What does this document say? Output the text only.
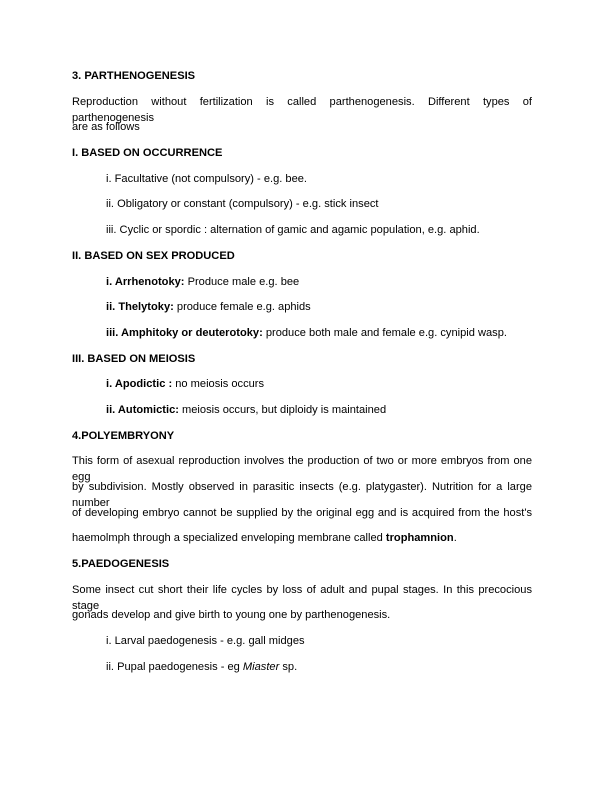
3. PARTHENOGENESIS
Reproduction without fertilization is called parthenogenesis. Different types of parthenogenesis
are as follows
I. BASED ON OCCURRENCE
i. Facultative (not compulsory) - e.g. bee.
ii. Obligatory or constant (compulsory) - e.g. stick insect
iii. Cyclic or spordic : alternation of gamic and agamic population, e.g. aphid.
II. BASED ON SEX PRODUCED
i. Arrhenotoky: Produce male e.g. bee
ii. Thelytoky: produce female e.g. aphids
iii. Amphitoky or deuterotoky: produce both male and female e.g. cynipid wasp.
III. BASED ON MEIOSIS
i. Apodictic : no meiosis occurs
ii. Automictic: meiosis occurs, but diploidy is maintained
4.POLYEMBRYONY
This form of asexual reproduction involves the production of two or more embryos from one egg
by subdivision. Mostly observed in parasitic insects (e.g. platygaster). Nutrition for a large number
of developing embryo cannot be supplied by the original egg and is acquired from the host's
haemolmph through a specialized enveloping membrane called trophamnion.
5.PAEDOGENESIS
Some insect cut short their life cycles by loss of adult and pupal stages. In this precocious stage
gonads develop and give birth to young one by parthenogenesis.
i. Larval paedogenesis - e.g. gall midges
ii. Pupal paedogenesis - eg Miaster sp.
